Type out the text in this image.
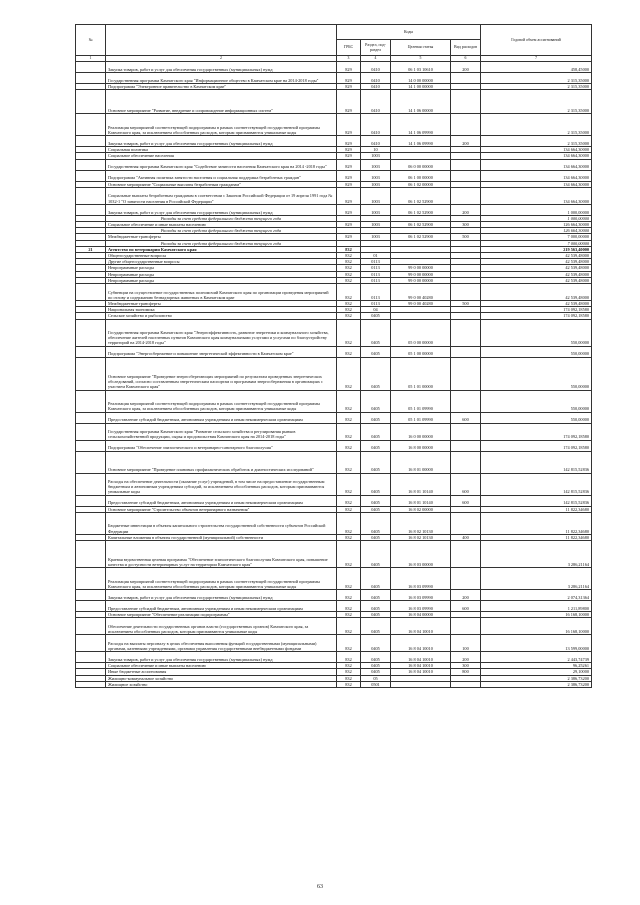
№		Коды				Годовой объем ассигнований
		ГРБС	Раздел, под-раздел	Целевая статья	Вид расходов	
1	2	3	4	5	6	7
	Закупка товаров, работ и услуг для обеспечения государственных (муниципальных) нужд	829	0410	06 1 03 10610	200	458,45000
	Государственная программа Камчатского края "Информационное общество в Камчатском крае на 2014-2018 годы"	829	0410	14 0 00 00000		2 315,35000
	Подпрограмма "Электронное правительство в Камчатском крае"	829	0410	14 1 00 00000		2 315,35000
	Основное мероприятие "Развитие, внедрение и сопровождение информационных систем"	829	0410	14 1 06 00000		2 315,35000
	Реализация мероприятий соответствующей подпрограммы в рамках соответствующей государственной программы Камчатского края, за исключением обособленных расходов, которым присваиваются уникальные коды	829	0410	14 1 06 09990		2 315,35000
	Закупка товаров, работ и услуг для обеспечения государственных (муниципальных) нужд	829	0410	14 1 06 09990	200	2 315,35000
	Социальная политика	829	10			134 664,30000
	Социальное обеспечение населения	829	1003			134 664,30000
	Государственная программа Камчатского края "Содействие занятости населения Камчатского края на 2014 -2018 годы"	829	1003	06 0 00 00000		134 664,30000
	Подпрограмма "Активная политика занятости населения и социальная поддержка безработных граждан"	829	1003	06 1 00 00000		134 664,30000
	Основное мероприятие "Социальные выплаты безработным гражданам"	829	1003	06 1 02 00000		134 664,30000
	Социальные выплаты безработным гражданам в соответствии с Законом Российской Федерации от 19 апреля 1991 года № 1032-1 "О занятости населения в Российской Федерации"	829	1003	06 1 02 52900		134 664,30000
	Закупка товаров, работ и услуг для обеспечения государственных (муниципальных) нужд	829	1003	06 1 02 52900	200	1 000,00000
	Расходы за счет средств федерального бюджета текущего года					1 000,00000
	Социальное обеспечение и иные выплаты населению	829	1003	06 1 02 52900	300	126 664,30000
	Расходы за счет средств федерального бюджета текущего года					126 664,30000
	Межбюджетные трансферты	829	1003	06 1 02 52900	500	7 000,00000
	Расходы за счет средств федерального бюджета текущего года					7 000,00000
21	Агентство по ветеринарии Камчатского края	832				219 563,40000
	Общегосударственные вопросы	832	01			42 539,48000
	Другие общегосударственные вопросы	832	0113			42 539,48000
	Непрограммные расходы	832	0113	99 0 00 00000		42 539,48000
	Непрограммные расходы	832	0113	99 0 00 00000		42 539,48000
	Непрограммные расходы	832	0113	99 0 00 00000		42 539,48000
	Субвенции на осуществление государственных полномочий Камчатского края по организации проведения мероприятий по отлову и содержанию безнадзорных животных в Камчатском крае	832	0113	99 0 00 40280		42 539,48000
	Межбюджетные трансферты	832	0113	99 0 00 40280	500	42 539,48000
	Национальная экономика	832	04			174 092,18580
	Сельское хозяйство и рыболовство	832	0405			174 092,18580
	Государственная программа Камчатского края "Энергоэффективность, развитие энергетики и коммунального хозяйства, обеспечение жителей населенных пунктов Камчатского края коммунальными услугами и услугами по благоустройству территорий на 2014-2018 годы"	832	0405	05 0 00 00000		550,00000
	Подпрограмма "Энергосбережение и повышение энергетической эффективности в Камчатском крае"	832	0405	05 1 00 00000		550,00000
	Основное мероприятие "Проведение энергосберегающих мероприятий по результатам проведенных энергетических обследований, согласно составленным энергетическим паспортам и программам энергосбережения в организациях с участием Камчатского края"	832	0405	05 1 01 00000		550,00000
	Реализация мероприятий соответствующей подпрограммы в рамках соответствующей государственной программы Камчатского края, за исключением обособленных расходов, которым присваиваются уникальные коды	832	0405	05 1 01 09990		550,00000
	Предоставление субсидий бюджетным, автономным учреждениям и иным некоммерческим организациям	832	0405	05 1 01 09990	600	550,00000
	Государственная программа Камчатского края "Развитие сельского хозяйства и регулирования рынков сельскохозяйственной продукции, сырья и продовольствия Камчатского края на 2014-2018 годы"	832	0405	16 0 00 00000		174 092,18580
	Подпрограмма "Обеспечение эпизоотического и ветеринарно-санитарного благополучия"	832	0405	16 8 00 00000		174 092,18580
	Основное мероприятие "Проведение плановых профилактических обработок и диагностических исследований"	832	0405	16 8 01 00000		142 815,52836
	Расходы на обеспечение деятельности (оказание услуг) учреждений, в том числе на предоставление государственным бюджетным и автономным учреждениям субсидий, за исключением обособленных расходов, которым присваиваются уникальные коды	832	0405	16 8 01 10140	600	142 815,52836
	Предоставление субсидий бюджетным, автономным учреждениям и иным некоммерческим организациям	832	0405	16 8 01 10140	600	142 815,52836
	Основное мероприятие "Строительство объектов ветеринарного назначения"	832	0405	16 8 02 00000		11 822,34680
	Бюджетные инвестиции в объекты капитального строительства государственной собственности субъектов Российской Федерации	832	0405	16 8 02 10130		11 822,34680
	Капитальные вложения в объекты государственной (муниципальной) собственности	832	0405	16 8 02 10130	400	11 822,34680
	Краевая ведомственная целевая программа "Обеспечение эпизоотического благополучия Камчатского края, повышение качества и доступности ветеринарных услуг на территории Камчатского края"	832	0405	16 8 03 00000		3 286,21164
	Реализация мероприятий соответствующей подпрограммы в рамках соответствующей государственной программы Камчатского края, за исключением обособленных расходов, которым присваиваются уникальные коды	832	0405	16 8 03 09990		3 286,21164
	Закупка товаров, работ и услуг для обеспечения государственных (муниципальных) нужд	832	0405	16 8 03 09990	200	2 074,31364
	Предоставление субсидий бюджетным, автономным учреждениям и иным некоммерческим организациям	832	0405	16 8 03 09990	600	1 211,89800
	Основное мероприятие "Обеспечение реализации подпрограммы"	832	0405	16 8 04 00000		16 168,10000
	Обеспечение деятельности государственных органов власти (государственных органов) Камчатского края, за исключением обособленных расходов, которым присваиваются уникальные коды	832	0405	16 8 04 10010		16 168,10000
	Расходы на выплаты персоналу в целях обеспечения выполнения функций государственными (муниципальными) органами, казенными учреждениями, органами управления государственными внебюджетными фондами	832	0405	16 8 04 10010	100	13 599,00000
	Закупка товаров, работ и услуг для обеспечения государственных (муниципальных) нужд	832	0405	16 8 04 10010	200	2 443,74739
	Социальное обеспечение и иные выплаты населению	832	0405	16 8 04 10010	300	96,25261
	Иные бюджетные ассигнования	832	0405	16 8 04 10010	800	29,10000
	Жилищно-коммунальное хозяйство	832	05			2 386,73200
	Жилищное хозяйство	832	0501			2 386,73200
63
